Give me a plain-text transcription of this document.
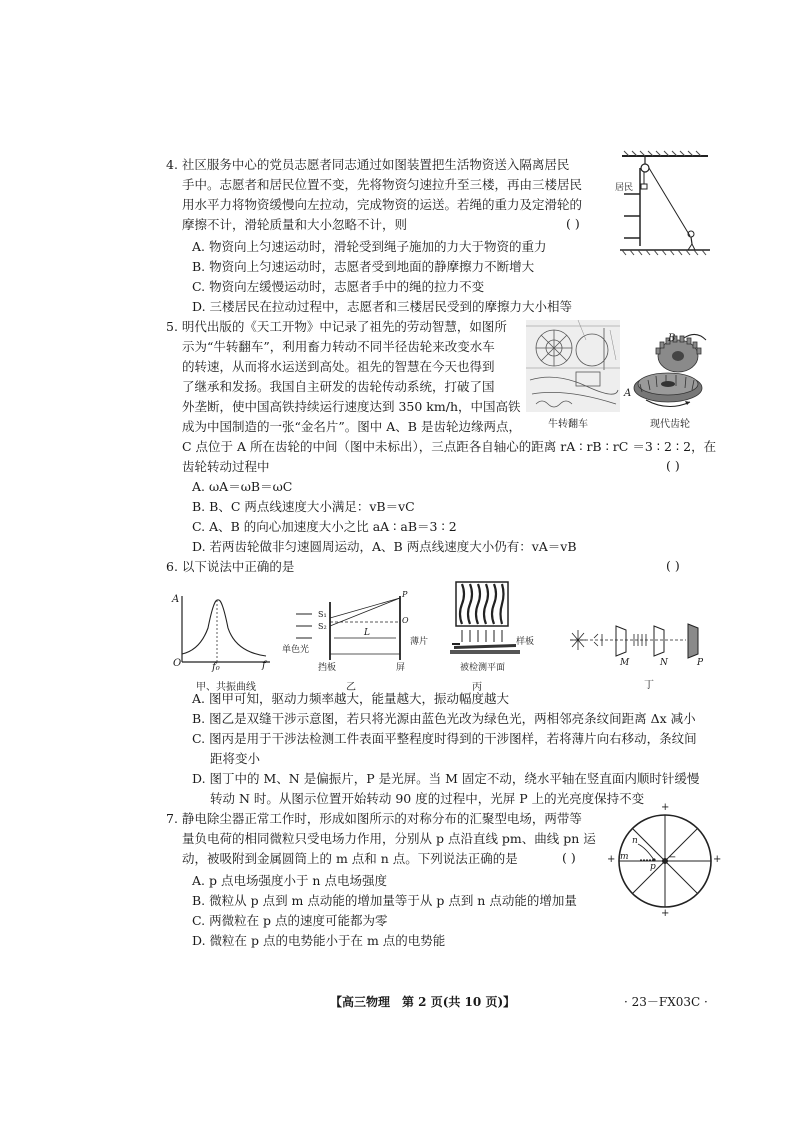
4. 社区服务中心的党员志愿者同志通过如图装置把生活物资送入隔离居民
手中。志愿者和居民位置不变，先将物资匀速拉升至三楼，再由三楼居民
用水平力将物资缓慢向左拉动，完成物资的运送。若绳的重力及定滑轮的
摩擦不计，滑轮质量和大小忽略不计，则	( )
A. 物资向上匀速运动时，滑轮受到绳子施加的力大于物资的重力
B. 物资向上匀速运动时，志愿者受到地面的静摩擦力不断增大
C. 物资向左缓慢运动时，志愿者手中的绳的拉力不变
D. 三楼居民在拉动过程中，志愿者和三楼居民受到的摩擦力大小相等
居民
5. 明代出版的《天工开物》中记录了祖先的劳动智慧，如图所
示为“牛转翻车”，利用畜力转动不同半径齿轮来改变水车
的转速，从而将水运送到高处。祖先的智慧在今天也得到
了继承和发扬。我国自主研发的齿轮传动系统，打破了国
外垄断，使中国高铁持续运行速度达到 350 km/h，中国高铁
成为中国制造的一张“金名片”。图中 A、B 是齿轮边缘两点，
C 点位于 A 所在齿轮的中间（图中未标出），三点距各自轴心的距离 rA ∶ rB ∶ rC ＝3 ∶ 2 ∶ 2，在
齿轮转动过程中	( )
A. ωA＝ωB＝ωC
B. B、C 两点线速度大小满足：vB＝vC
C. A、B 的向心加速度大小之比 aA ∶ aB＝3 ∶ 2
D. 若两齿轮做非匀速圆周运动，A、B 两点线速度大小仍有：vA＝vB
牛转翻车
B
A
现代齿轮
6. 以下说法中正确的是	( )
A
O	f₀	f
甲、共振曲线
S₁
S₂
P
O
L
单色光
挡板	屏
乙
薄片	样板
被检测平面
丙
M	N	P
丁
A. 图甲可知，驱动力频率越大，能量越大，振动幅度越大
B. 图乙是双缝干涉示意图，若只将光源由蓝色光改为绿色光，两相邻亮条纹间距离 Δx 减小
C. 图丙是用于干涉法检测工件表面平整程度时得到的干涉图样，若将薄片向右移动，条纹间
距将变小
D. 图丁中的 M、N 是偏振片，P 是光屏。当 M 固定不动，绕水平轴在竖直面内顺时针缓慢
转动 N 时。从图示位置开始转动 90 度的过程中，光屏 P 上的光亮度保持不变
7. 静电除尘器正常工作时，形成如图所示的对称分布的汇聚型电场，两带等
量负电荷的相同微粒只受电场力作用，分别从 p 点沿直线 pm、曲线 pn 运
动，被吸附到金属圆筒上的 m 点和 n 点。下列说法正确的是	( )
A. p 点电场强度小于 n 点电场强度
B. 微粒从 p 点到 m 点动能的增加量等于从 p 点到 n 点动能的增加量
C. 两微粒在 p 点的速度可能都为零
D. 微粒在 p 点的电势能小于在 m 点的电势能
+
+
+	+
−
m
n
p
【高三物理　第 2 页(共 10 页)】	· 23－FX03C ·
